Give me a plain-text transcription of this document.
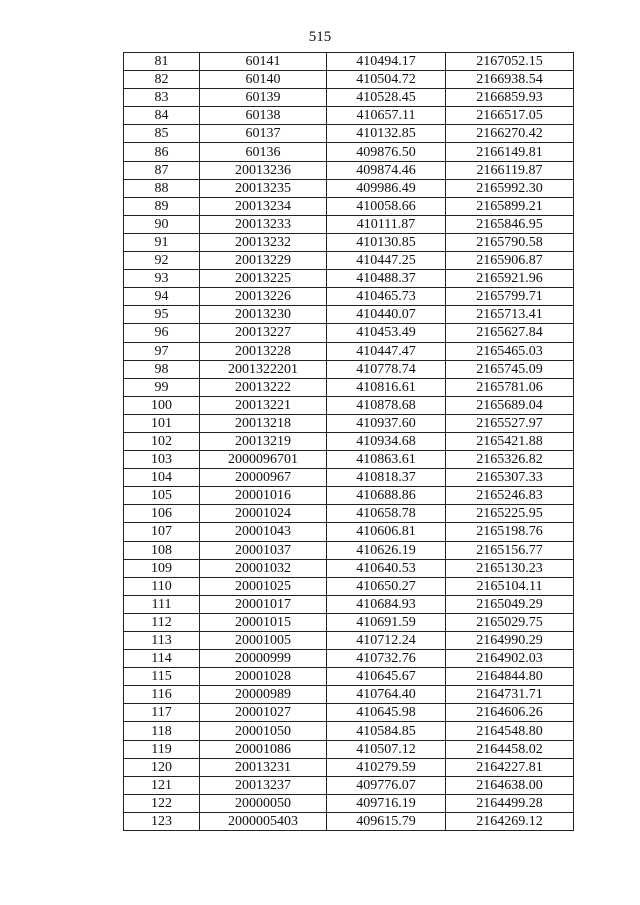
515
81	60141	410494.17	2167052.15
82	60140	410504.72	2166938.54
83	60139	410528.45	2166859.93
84	60138	410657.11	2166517.05
85	60137	410132.85	2166270.42
86	60136	409876.50	2166149.81
87	20013236	409874.46	2166119.87
88	20013235	409986.49	2165992.30
89	20013234	410058.66	2165899.21
90	20013233	410111.87	2165846.95
91	20013232	410130.85	2165790.58
92	20013229	410447.25	2165906.87
93	20013225	410488.37	2165921.96
94	20013226	410465.73	2165799.71
95	20013230	410440.07	2165713.41
96	20013227	410453.49	2165627.84
97	20013228	410447.47	2165465.03
98	2001322201	410778.74	2165745.09
99	20013222	410816.61	2165781.06
100	20013221	410878.68	2165689.04
101	20013218	410937.60	2165527.97
102	20013219	410934.68	2165421.88
103	2000096701	410863.61	2165326.82
104	20000967	410818.37	2165307.33
105	20001016	410688.86	2165246.83
106	20001024	410658.78	2165225.95
107	20001043	410606.81	2165198.76
108	20001037	410626.19	2165156.77
109	20001032	410640.53	2165130.23
110	20001025	410650.27	2165104.11
111	20001017	410684.93	2165049.29
112	20001015	410691.59	2165029.75
113	20001005	410712.24	2164990.29
114	20000999	410732.76	2164902.03
115	20001028	410645.67	2164844.80
116	20000989	410764.40	2164731.71
117	20001027	410645.98	2164606.26
118	20001050	410584.85	2164548.80
119	20001086	410507.12	2164458.02
120	20013231	410279.59	2164227.81
121	20013237	409776.07	2164638.00
122	20000050	409716.19	2164499.28
123	2000005403	409615.79	2164269.12
